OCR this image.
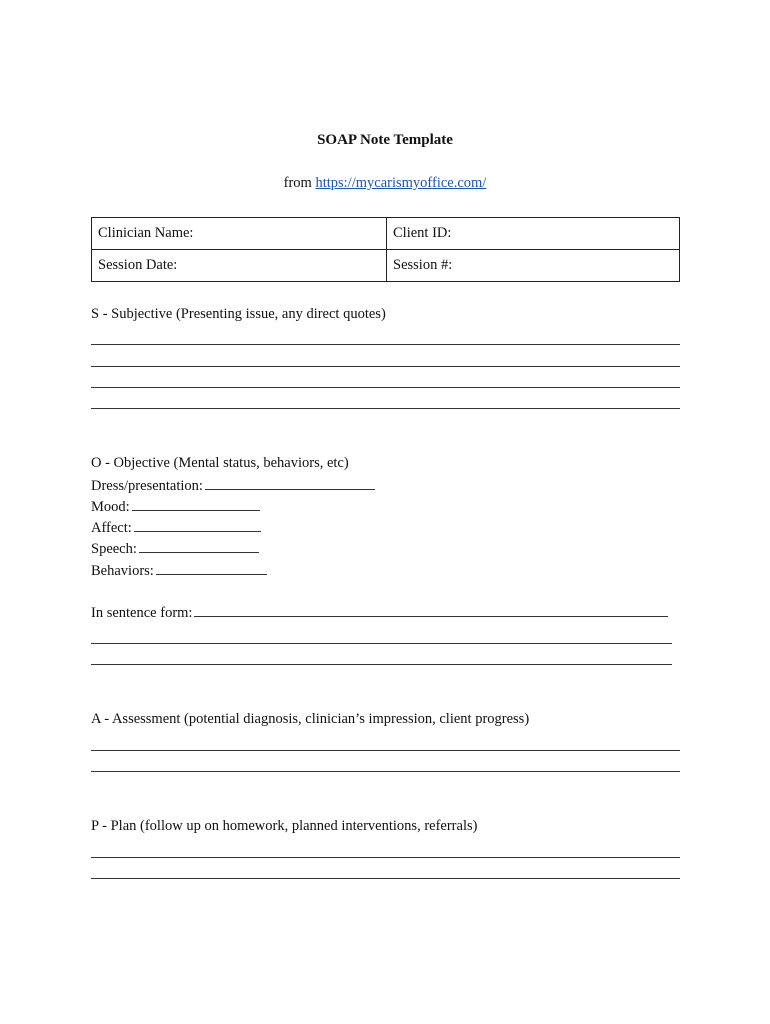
SOAP Note Template
from https://mycarismyoffice.com/
Clinician Name:	Client ID:
Session Date:	Session #:
S - Subjective (Presenting issue, any direct quotes)
O - Objective (Mental status, behaviors, etc)
Dress/presentation:
Mood:
Affect:
Speech:
Behaviors:
In sentence form:
A - Assessment (potential diagnosis, clinician’s impression, client progress)
P - Plan (follow up on homework, planned interventions, referrals)
